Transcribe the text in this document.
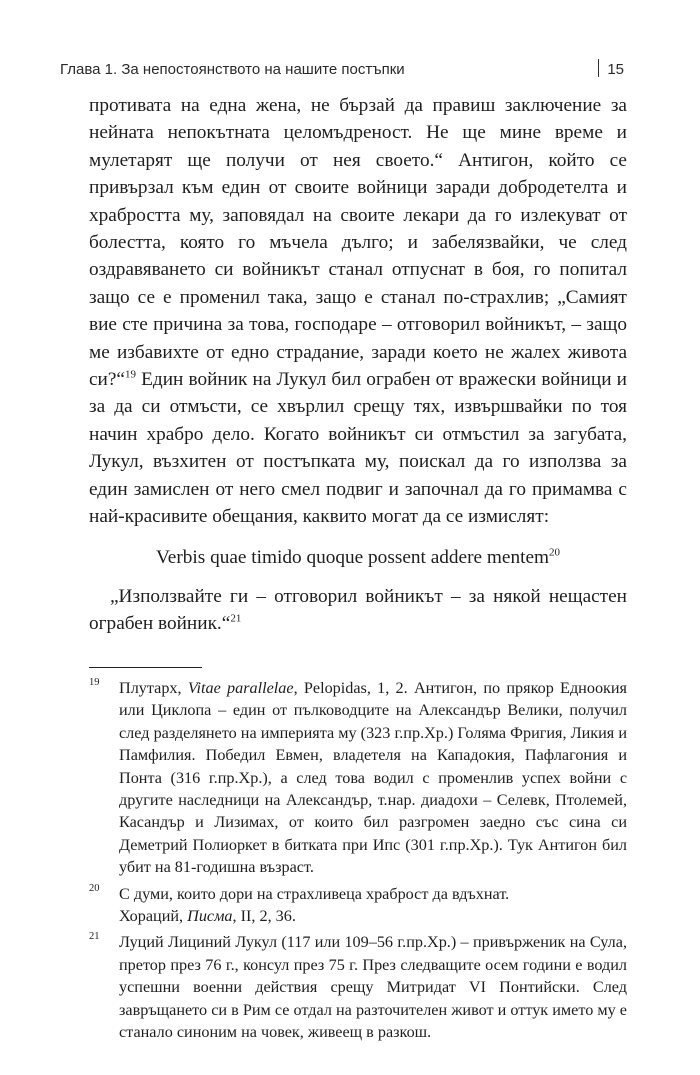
Глава 1. За непостоянството на нашите постъпки	15

противата на една жена, не бързай да правиш заключение за нейната непокътната целомъдреност. Не ще мине време и мулетарят ще получи от нея своето.“ Антигон, който се привързал към един от своите войници заради добродетелта и храбростта му, заповядал на своите лекари да го излекуват от болестта, която го мъчела дълго; и забелязвайки, че след оздравяването си войникът станал отпуснат в боя, го попитал защо се е променил така, защо е станал по-страхлив; „Самият вие сте причина за това, господаре – отговорил войникът, – защо ме избавихте от едно страдание, заради което не жалех живота си?“$^{19}$ Един войник на Лукул бил ограбен от вражески войници и за да си отмъсти, се хвърлил срещу тях, извършвайки по тоя начин храбро дело. Когато войникът си отмъстил за загубата, Лукул, възхитен от постъпката му, поискал да го използва за един замислен от него смел подвиг и започнал да го примамва с най-красивите обещания, каквито могат да се измислят:

Verbis quae timido quoque possent addere mentem$^{20}$

„Използвайте ги – отговорил войникът – за някой нещастен ограбен войник.“$^{21}$

19 Плутарх, Vitae parallelae, Pelopidas, 1, 2. Антигон, по прякор Едноокия или Циклопа – един от пълководците на Александър Велики, получил след разделянето на империята му (323 г.пр.Хр.) Голяма Фригия, Ликия и Памфилия. Победил Евмен, владетеля на Кападокия, Пафлагония и Понта (316 г.пр.Хр.), а след това водил с променлив успех войни с другите наследници на Александър, т.нар. диадохи – Селевк, Птолемей, Касандър и Лизимах, от които бил разгромен заедно със сина си Деметрий Полиоркет в битката при Ипс (301 г.пр.Хр.). Тук Антигон бил убит на 81-годишна възраст.

20 С думи, които дори на страхливеца храброст да вдъхнат.
Хораций, Писма, II, 2, 36.

21 Луций Лициний Лукул (117 или 109–56 г.пр.Хр.) – привърженик на Сула, претор през 76 г., консул през 75 г. През следващите осем години е водил успешни военни действия срещу Митридат VI Понтийски. След завръщането си в Рим се отдал на разточителен живот и оттук името му е станало синоним на човек, живеещ в разкош.
